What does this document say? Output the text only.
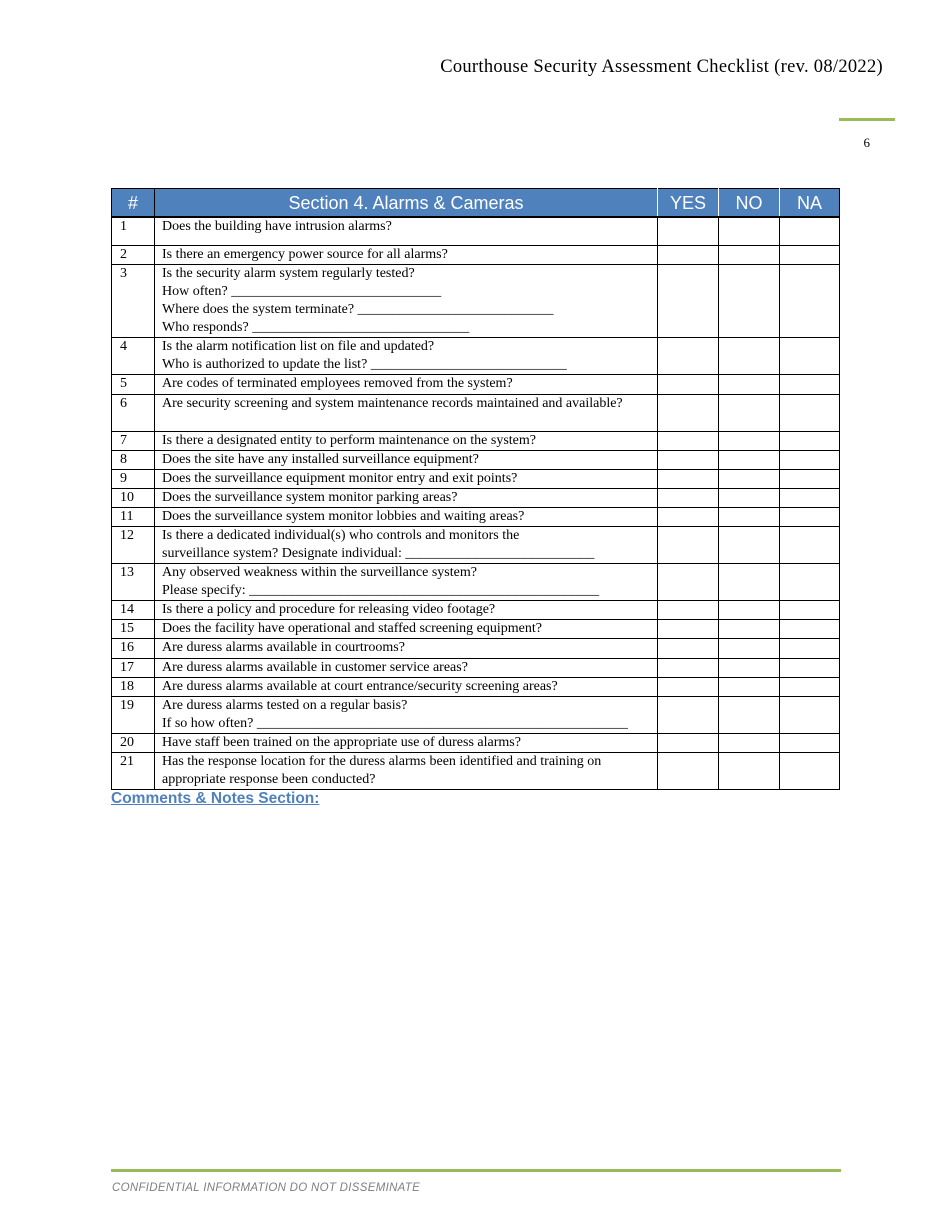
Courthouse Security Assessment Checklist (rev. 08/2022)
6
#	Section 4. Alarms & Cameras	YES	NO	NA
1	Does the building have intrusion alarms?			

2	Is there an emergency power source for all alarms?			

3	Is the security alarm system regularly tested?
How often? ______________________________
Where does the system terminate? ____________________________
Who responds? _______________________________			

4	Is the alarm notification list on file and updated?
Who is authorized to update the list? ____________________________			

5	Are codes of terminated employees removed from the system?			

6	Are security screening and system maintenance records maintained and available?			

7	Is there a designated entity to perform maintenance on the system?			

8	Does the site have any installed surveillance equipment?			

9	Does the surveillance equipment monitor entry and exit points?			

10	Does the surveillance system monitor parking areas?			

11	Does the surveillance system monitor lobbies and waiting areas?			

12	Is there a dedicated individual(s) who controls and monitors the
surveillance system? Designate individual: ___________________________			

13	Any observed weakness within the surveillance system?
Please specify: __________________________________________________			

14	Is there a policy and procedure for releasing video footage?			

15	Does the facility have operational and staffed screening equipment?			

16	Are duress alarms available in courtrooms?			

17	Are duress alarms available in customer service areas?			

18	Are duress alarms available at court entrance/security screening areas?			

19	Are duress alarms tested on a regular basis?
If so how often? _____________________________________________________			

20	Have staff been trained on the appropriate use of duress alarms?			

21	Has the response location for the duress alarms been identified and training on appropriate response been conducted?			

Comments & Notes Section:
CONFIDENTIAL INFORMATION DO NOT DISSEMINATE
